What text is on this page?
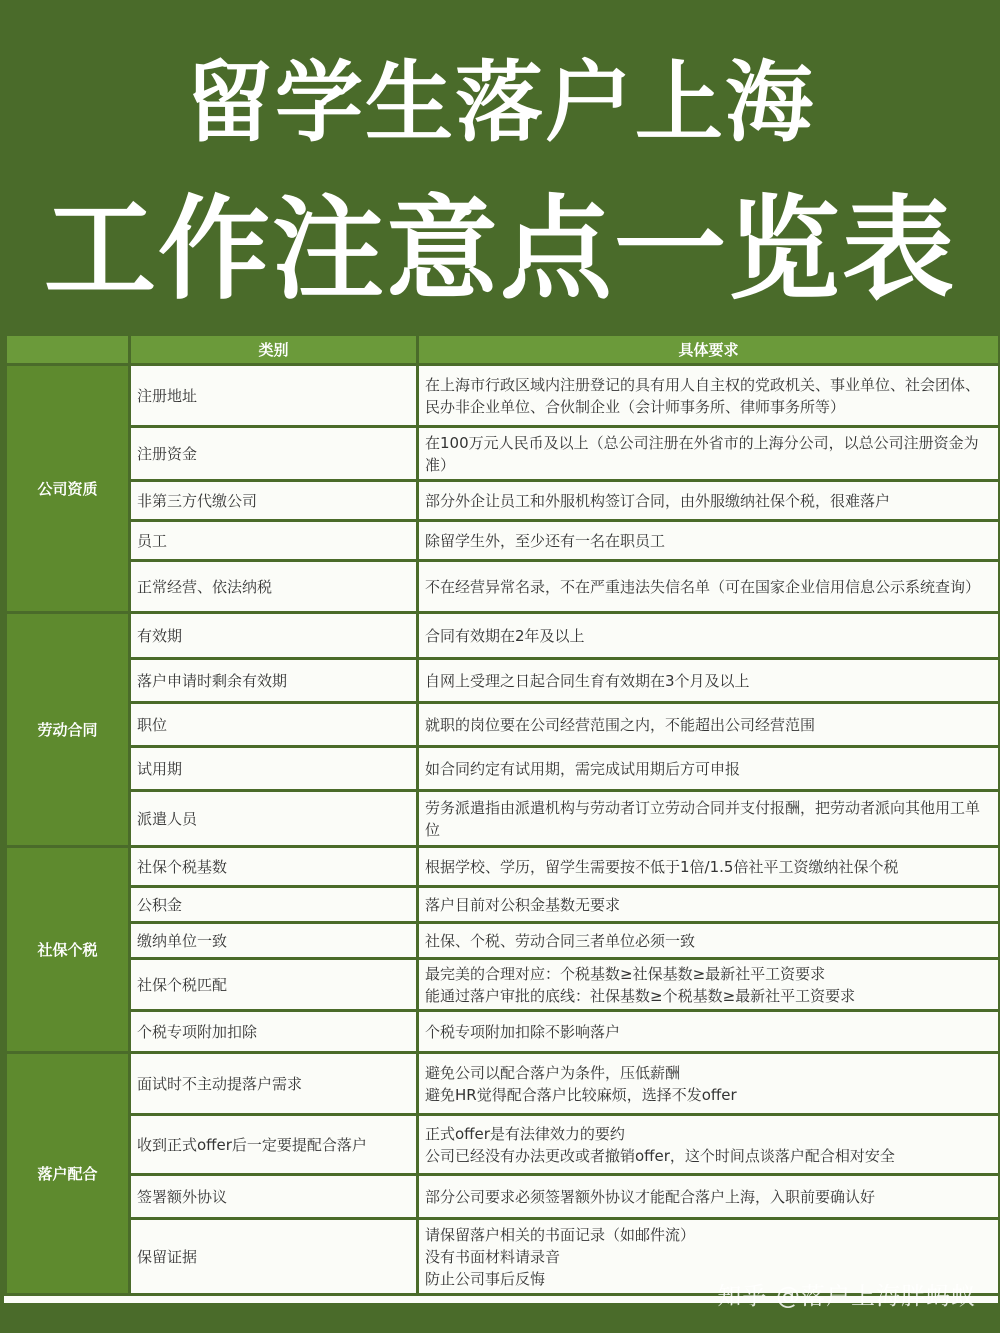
留学生落户上海
工作注意点一览表
	类别	具体要求
公司资质	注册地址	在上海市行政区域内注册登记的具有用人自主权的党政机关、事业单位、社会团体、民办非企业单位、合伙制企业（会计师事务所、律师事务所等）

	注册资金	在100万元人民币及以上（总公司注册在外省市的上海分公司，以总公司注册资金为准）

	非第三方代缴公司	部分外企让员工和外服机构签订合同，由外服缴纳社保个税，很难落户

	员工	除留学生外，至少还有一名在职员工

	正常经营、依法纳税	不在经营异常名录，不在严重违法失信名单（可在国家企业信用信息公示系统查询）

劳动合同	有效期	合同有效期在2年及以上

	落户申请时剩余有效期	自网上受理之日起合同生育有效期在3个月及以上

	职位	就职的岗位要在公司经营范围之内，不能超出公司经营范围

	试用期	如合同约定有试用期，需完成试用期后方可申报

	派遣人员	劳务派遣指由派遣机构与劳动者订立劳动合同并支付报酬，把劳动者派向其他用工单位

社保个税	社保个税基数	根据学校、学历，留学生需要按不低于1倍/1.5倍社平工资缴纳社保个税

	公积金	落户目前对公积金基数无要求

	缴纳单位一致	社保、个税、劳动合同三者单位必须一致

	社保个税匹配	最完美的合理对应：个税基数≥社保基数≥最新社平工资要求
能通过落户审批的底线：社保基数≥个税基数≥最新社平工资要求

	个税专项附加扣除	个税专项附加扣除不影响落户

落户配合	面试时不主动提落户需求	避免公司以配合落户为条件，压低薪酬
避免HR觉得配合落户比较麻烦，选择不发offer

	收到正式offer后一定要提配合落户	正式offer是有法律效力的要约
公司已经没有办法更改或者撤销offer，这个时间点谈落户配合相对安全

	签署额外协议	部分公司要求必须签署额外协议才能配合落户上海，入职前要确认好

	保留证据	请保留落户相关的书面记录（如邮件流）
没有书面材料请录音
防止公司事后反悔
知乎 @落户上海胖蚂蚁
